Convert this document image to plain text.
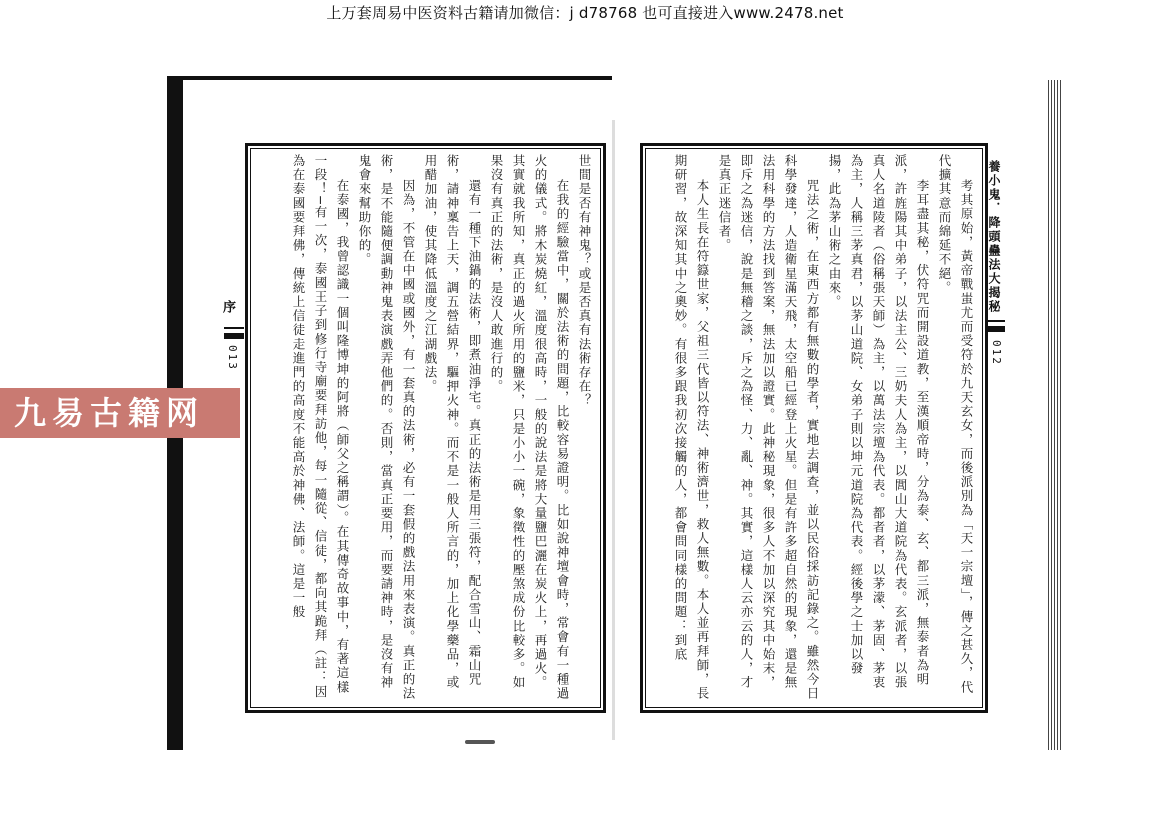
上万套周易中医资料古籍请加微信：j d78768 也可直接进入www.2478.net
序
013	世間是否有神鬼？或是否真有法術存在？

在我的經驗當中，關於法術的問題，比較容易證明。比如說神壇會時，常會有一種過火的儀式。將木炭燒紅，溫度很高時，一般的說法是將大量鹽巴灑在炭火上，再過火。其實就我所知，真正的過火所用的鹽米，只是小小一碗，象徵性的壓煞成份比較多。如果沒有真正的法術，是沒人敢進行的。

還有一種下油鍋的法術，即煮油淨宅。真正的法術是用三張符，配合雪山、霜山咒術，請神稟告上天，調五營結界，驅押火神。而不是一般人所言的，加上化學藥品，或用醋加油，使其降低溫度之江湖戲法。

因為，不管在中國或國外，有一套真的法術，必有一套假的戲法用來表演。真正的法術，是不能隨便調動神鬼表演戲弄他們的。否則，當真正要用，而要請神時，是沒有神鬼會來幫助你的。

在泰國，我曾認識一個叫隆博坤的阿將（師父之稱謂）。在其傳奇故事中，有著這樣一段！─有一次，泰國王子到修行寺廟要拜訪他，每一隨從、信徒，都向其跪拜（註：因為在泰國要拜佛，傳統上信徒走進門的高度不能高於神佛、法師。這是一般	考其原始，黃帝戰蚩尤而受符於九天玄女，而後派別為「天一宗壇」，傳之甚久，代代擴其意而綿延不絕。

李耳盡其秘，伏符咒而開設道教，至漢順帝時，分為泰、玄、都三派，無泰者為明派，許旌陽其中弟子，以法主公、三奶夫人為主，以閭山大道院為代表。玄派者，以張真人名道陵者（俗稱張天師）為主，以萬法宗壇為代表。都者者，以茅濛、茅固、茅衷為主，人稱三茅真君，以茅山道院、女弟子則以坤元道院為代表。經後學之士加以發揚，此為茅山術之由來。

咒法之術，在東西方都有無數的學者，實地去調查，並以民俗採訪記錄之。雖然今日科學發達，人造衛星滿天飛，太空船已經登上火星。但是有許多超自然的現象，還是無法用科學的方法找到答案，無法加以證實。此神秘現象，很多人不加以深究其中始末，即斥之為迷信，說是無稽之談，斥之為怪、力、亂、神。其實，這樣人云亦云的人，才是真正迷信者。

本人生長在符籙世家，父祖三代皆以符法、神術濟世，救人無數。本人並再拜師，長期研習，故深知其中之奧妙。有很多跟我初次接觸的人，都會問同樣的問題：到底	養小鬼．降頭蠱法大揭秘
012
九易古籍网
